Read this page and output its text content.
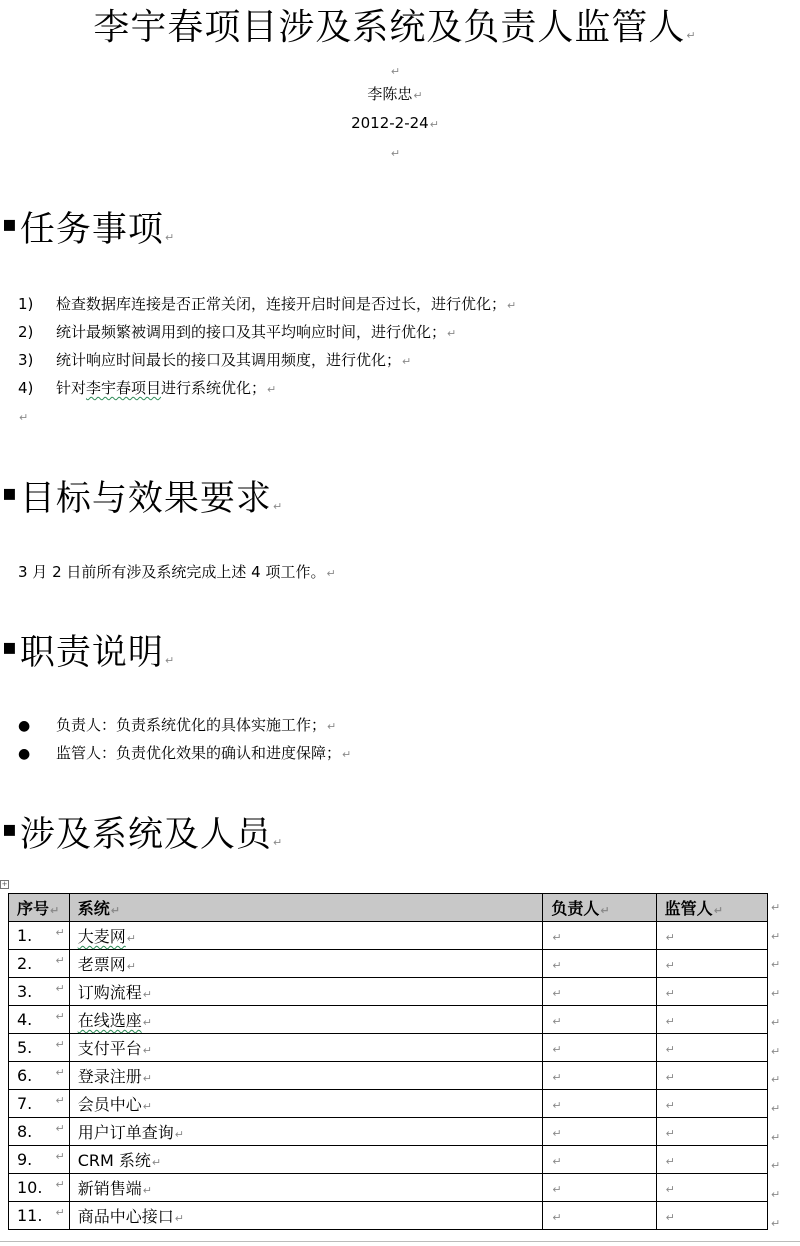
李宇春项目涉及系统及负责人监管人↵
↵
李陈忠↵
2012-2-24↵
↵
▪任务事项↵
1) 检查数据库连接是否正常关闭，连接开启时间是否过长，进行优化；↵
2) 统计最频繁被调用到的接口及其平均响应时间，进行优化；↵
3) 统计响应时间最长的接口及其调用频度，进行优化；↵
4) 针对李宇春项目进行系统优化；↵
↵
▪目标与效果要求↵
3 月 2 日前所有涉及系统完成上述 4 项工作。↵
▪职责说明↵
● 负责人：负责系统优化的具体实施工作；↵
● 监管人：负责优化效果的确认和进度保障；↵
▪涉及系统及人员↵
+
序号↵	系统↵	负责人↵	监管人↵

1. ↵	大麦网↵	↵	↵

2. ↵	老票网↵	↵	↵

3. ↵	订购流程↵	↵	↵

4. ↵	在线选座↵	↵	↵

5. ↵	支付平台↵	↵	↵

6. ↵	登录注册↵	↵	↵

7. ↵	会员中心↵	↵	↵

8. ↵	用户订单查询↵	↵	↵

9. ↵	CRM 系统↵	↵	↵

10. ↵	新销售端↵	↵	↵

11. ↵	商品中心接口↵	↵	↵
↵
↵
↵
↵
↵
↵
↵
↵
↵
↵
↵
↵
